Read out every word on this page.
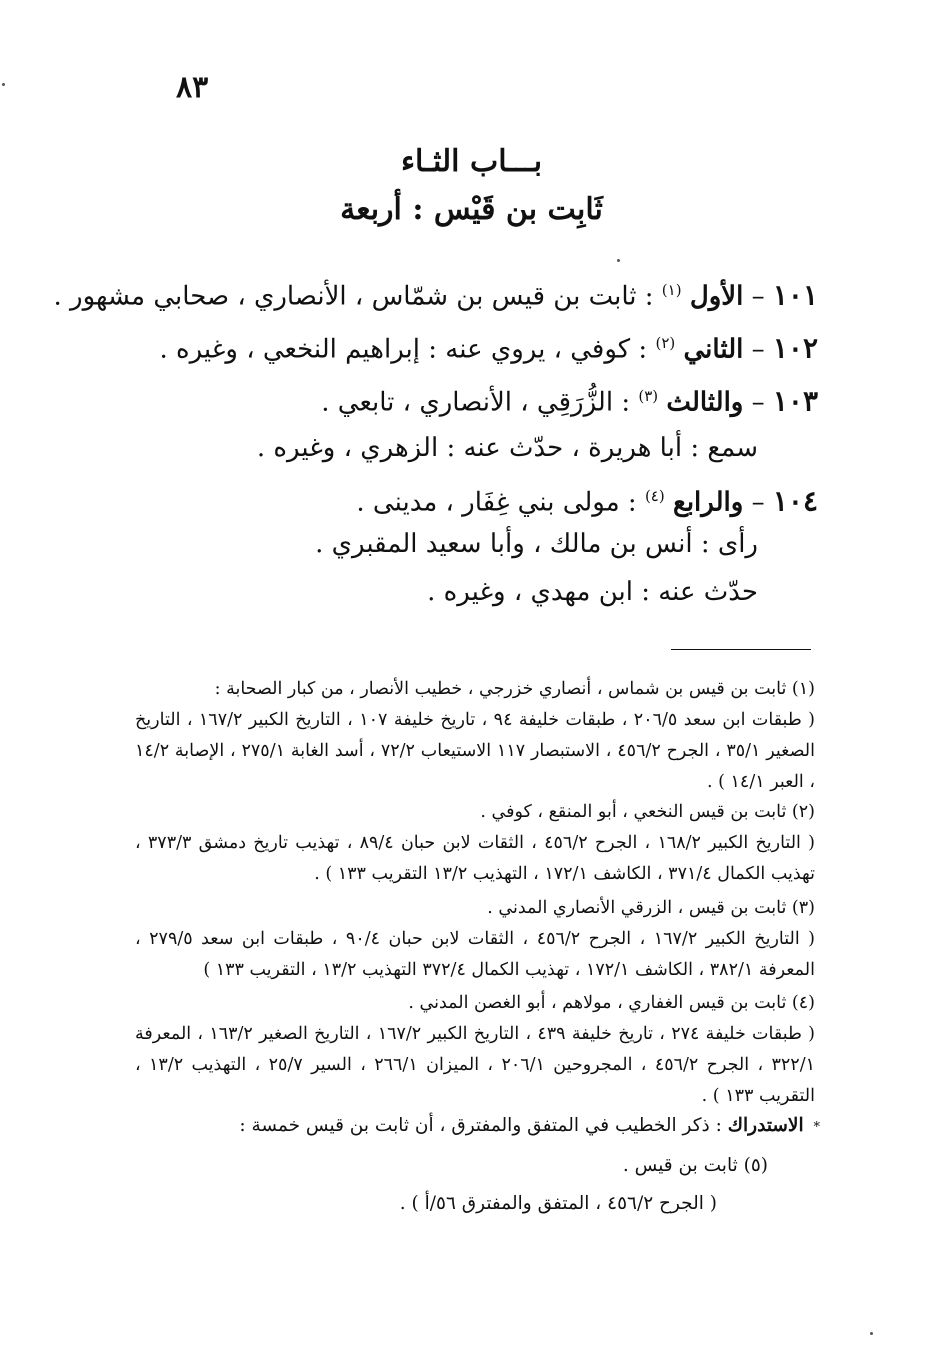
٨٣
بـــاب الثـاء
ثَابِت بن قَيْس : أربعة
١٠١ – الأول $^{(١)}$ : ثابت بن قيس بن شمّاس ، الأنصاري ، صحابي مشهور .
١٠٢ – الثاني $^{(٢)}$ : كوفي ، يروي عنه : إبراهيم النخعي ، وغيره .
١٠٣ – والثالث $^{(٣)}$ : الزُّرَقِي ، الأنصاري ، تابعي .
سمع : أبا هريرة ، حدّث عنه : الزهري ، وغيره .
١٠٤ – والرابع $^{(٤)}$ : مولى بني غِفَار ، مدينى .
رأى : أنس بن مالك ، وأبا سعيد المقبري .
حدّث عنه : ابن مهدي ، وغيره .
(١) ثابت بن قيس بن شماس ، أنصاري خزرجي ، خطيب الأنصار ، من كبار الصحابة :
( طبقات ابن سعد ٢٠٦/٥ ، طبقات خليفة ٩٤ ، تاريخ خليفة ١٠٧ ، التاريخ الكبير ١٦٧/٢ ، التاريخ الصغير ٣٥/١ ، الجرح ٤٥٦/٢ ، الاستبصار ١١٧ الاستيعاب ٧٢/٢ ، أسد الغابة ٢٧٥/١ ، الإصابة ١٤/٢ ، العبر ١٤/١ ) .
(٢) ثابت بن قيس النخعي ، أبو المنقع ، كوفي .
( التاريخ الكبير ١٦٨/٢ ، الجرح ٤٥٦/٢ ، الثقات لابن حبان ٨٩/٤ ، تهذيب تاريخ دمشق ٣٧٣/٣ ، تهذيب الكمال ٣٧١/٤ ، الكاشف ١٧٢/١ ، التهذيب ١٣/٢ التقريب ١٣٣ ) .
(٣) ثابت بن قيس ، الزرقي الأنصاري المدني .
( التاريخ الكبير ١٦٧/٢ ، الجرح ٤٥٦/٢ ، الثقات لابن حبان ٩٠/٤ ، طبقات ابن سعد ٢٧٩/٥ ، المعرفة ٣٨٢/١ ، الكاشف ١٧٢/١ ، تهذيب الكمال ٣٧٢/٤ التهذيب ١٣/٢ ، التقريب ١٣٣ )
(٤) ثابت بن قيس الغفاري ، مولاهم ، أبو الغصن المدني .
( طبقات خليفة ٢٧٤ ، تاريخ خليفة ٤٣٩ ، التاريخ الكبير ١٦٧/٢ ، التاريخ الصغير ١٦٣/٢ ، المعرفة ٣٢٢/١ ، الجرح ٤٥٦/٢ ، المجروحين ٢٠٦/١ ، الميزان ٢٦٦/١ ، السير ٢٥/٧ ، التهذيب ١٣/٢ ، التقريب ١٣٣ ) .
* الاستدراك : ذكر الخطيب في المتفق والمفترق ، أن ثابت بن قيس خمسة :
(٥) ثابت بن قيس .
( الجرح ٤٥٦/٢ ، المتفق والمفترق ٥٦/أ ) .
